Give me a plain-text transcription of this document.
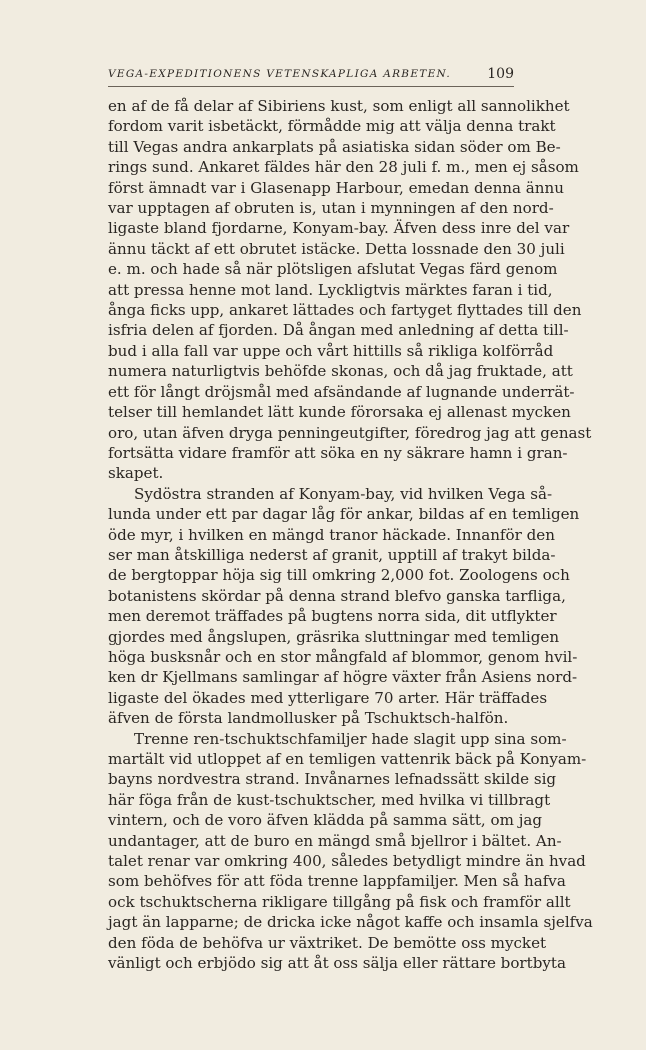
VEGA-EXPEDITIONENS VETENSKAPLIGA ARBETEN.	109
en af de få delar af Sibiriens kust, som enligt all sannolikhet
fordom varit isbetäckt, förmådde mig att välja denna trakt
till Vegas andra ankarplats på asiatiska sidan söder om Be-
rings sund. Ankaret fäldes här den 28 juli f. m., men ej såsom
först ämnadt var i Glasenapp Harbour, emedan denna ännu
var upptagen af obruten is, utan i mynningen af den nord-
ligaste bland fjordarne, Konyam-bay. Äfven dess inre del var
ännu täckt af ett obrutet istäcke. Detta lossnade den 30 juli
e. m. och hade så när plötsligen afslutat Vegas färd genom
att pressa henne mot land. Lyckligtvis märktes faran i tid,
ånga ficks upp, ankaret lättades och fartyget flyttades till den
isfria delen af fjorden. Då ångan med anledning af detta till-
bud i alla fall var uppe och vårt hittills så rikliga kolförråd
numera naturligtvis behöfde skonas, och då jag fruktade, att
ett för långt dröjsmål med afsändande af lugnande underrät-
telser till hemlandet lätt kunde förorsaka ej allenast mycken
oro, utan äfven dryga penningeutgifter, föredrog jag att genast
fortsätta vidare framför att söka en ny säkrare hamn i gran-
skapet.
Sydöstra stranden af Konyam-bay, vid hvilken Vega så-
lunda under ett par dagar låg för ankar, bildas af en temligen
öde myr, i hvilken en mängd tranor häckade. Innanför den
ser man åtskilliga nederst af granit, upptill af trakyt bilda-
de bergtoppar höja sig till omkring 2,000 fot. Zoologens och
botanistens skördar på denna strand blefvo ganska tarfliga,
men deremot träffades på bugtens norra sida, dit utflykter
gjordes med ångslupen, gräsrika sluttningar med temligen
höga busksnår och en stor mångfald af blommor, genom hvil-
ken dr Kjellmans samlingar af högre växter från Asiens nord-
ligaste del ökades med ytterligare 70 arter. Här träffades
äfven de första landmollusker på Tschuktsch-halfön.
Trenne ren-tschuktschfamiljer hade slagit upp sina som-
martält vid utloppet af en temligen vattenrik bäck på Konyam-
bayns nordvestra strand. Invånarnes lefnadssätt skilde sig
här föga från de kust-tschuktscher, med hvilka vi tillbragt
vintern, och de voro äfven klädda på samma sätt, om jag
undantager, att de buro en mängd små bjellror i bältet. An-
talet renar var omkring 400, således betydligt mindre än hvad
som behöfves för att föda trenne lappfamiljer. Men så hafva
ock tschuktscherna rikligare tillgång på fisk och framför allt
jagt än lapparne; de dricka icke något kaffe och insamla sjelfva
den föda de behöfva ur växtriket. De bemötte oss mycket
vänligt och erbjödo sig att åt oss sälja eller rättare bortbyta
